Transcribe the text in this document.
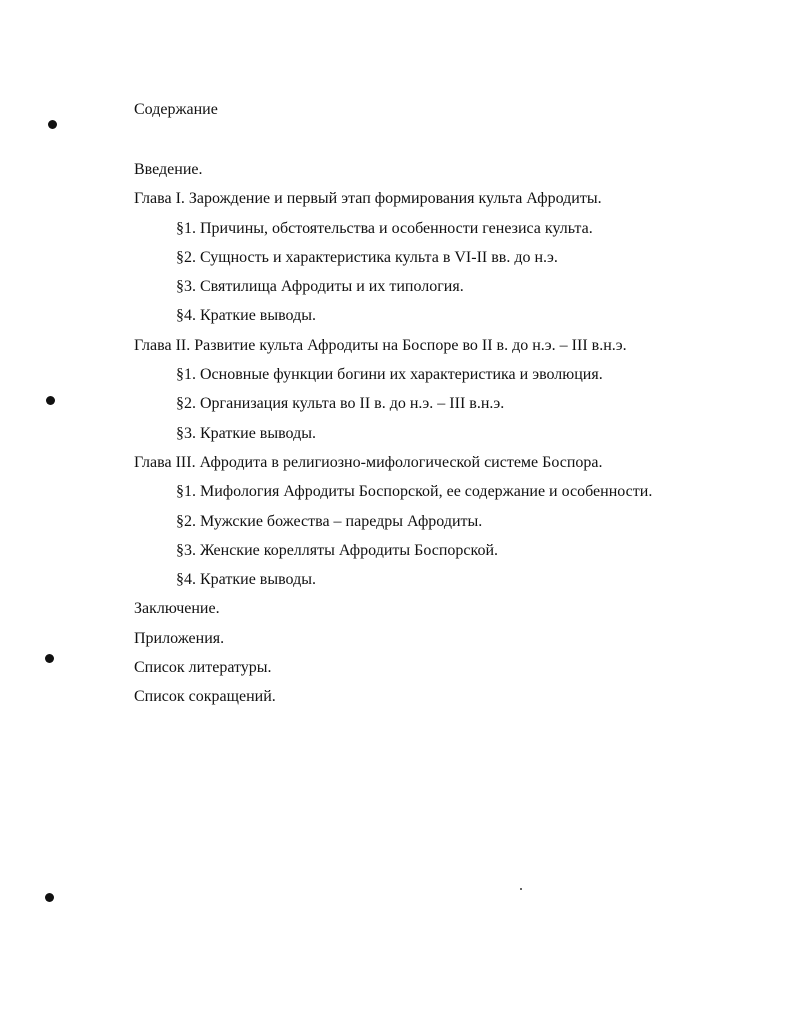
Содержание
Введение.
Глава I. Зарождение и первый этап формирования культа Афродиты.
§1. Причины, обстоятельства и особенности генезиса культа.
§2. Сущность и характеристика культа в VI-II вв. до н.э.
§3. Святилища Афродиты и их типология.
§4. Краткие выводы.
Глава II. Развитие культа Афродиты на Боспоре во II в. до н.э. – III в.н.э.
§1. Основные функции богини их характеристика и эволюция.
§2. Организация культа во II в. до н.э. – III в.н.э.
§3. Краткие выводы.
Глава III. Афродита в религиозно-мифологической системе Боспора.
§1. Мифология Афродиты Боспорской, ее содержание и особенности.
§2. Мужские божества – паредры Афродиты.
§3. Женские корелляты Афродиты Боспорской.
§4. Краткие выводы.
Заключение.
Приложения.
Список литературы.
Список сокращений.
